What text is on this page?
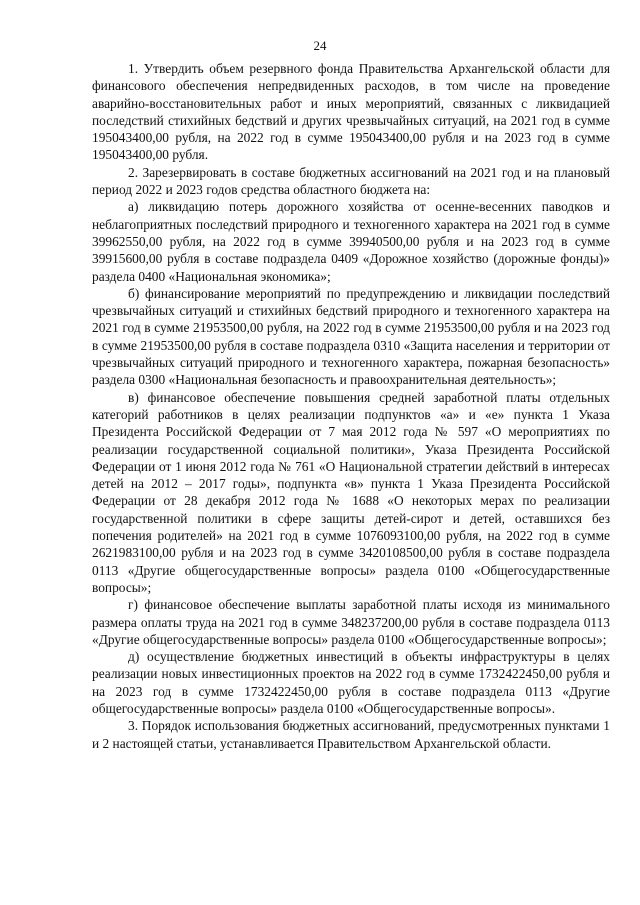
24

1. Утвердить объем резервного фонда Правительства Архангельской области для финансового обеспечения непредвиденных расходов, в том числе на проведение аварийно-восстановительных работ и иных мероприятий, связанных с ликвидацией последствий стихийных бедствий и других чрезвычайных ситуаций, на 2021 год в сумме 195043400,00 рубля, на 2022 год в сумме 195043400,00 рубля и на 2023 год в сумме 195043400,00 рубля.

2. Зарезервировать в составе бюджетных ассигнований на 2021 год и на плановый период 2022 и 2023 годов средства областного бюджета на:

а) ликвидацию потерь дорожного хозяйства от осенне-весенних паводков и неблагоприятных последствий природного и техногенного характера на 2021 год в сумме 39962550,00 рубля, на 2022 год в сумме 39940500,00 рубля и на 2023 год в сумме 39915600,00 рубля в составе подраздела 0409 «Дорожное хозяйство (дорожные фонды)» раздела 0400 «Национальная экономика»;

б) финансирование мероприятий по предупреждению и ликвидации последствий чрезвычайных ситуаций и стихийных бедствий природного и техногенного характера на 2021 год в сумме 21953500,00 рубля, на 2022 год в сумме 21953500,00 рубля и на 2023 год в сумме 21953500,00 рубля в составе подраздела 0310 «Защита населения и территории от чрезвычайных ситуаций природного и техногенного характера, пожарная безопасность» раздела 0300 «Национальная безопасность и правоохранительная деятельность»;

в) финансовое обеспечение повышения средней заработной платы отдельных категорий работников в целях реализации подпунктов «а» и «е» пункта 1 Указа Президента Российской Федерации от 7 мая 2012 года № 597 «О мероприятиях по реализации государственной социальной политики», Указа Президента Российской Федерации от 1 июня 2012 года № 761 «О Национальной стратегии действий в интересах детей на 2012 – 2017 годы», подпункта «в» пункта 1 Указа Президента Российской Федерации от 28 декабря 2012 года № 1688 «О некоторых мерах по реализации государственной политики в сфере защиты детей-сирот и детей, оставшихся без попечения родителей» на 2021 год в сумме 1076093100,00 рубля, на 2022 год в сумме 2621983100,00 рубля и на 2023 год в сумме 3420108500,00 рубля в составе подраздела 0113 «Другие общегосударственные вопросы» раздела 0100 «Общегосударственные вопросы»;

г) финансовое обеспечение выплаты заработной платы исходя из минимального размера оплаты труда на 2021 год в сумме 348237200,00 рубля в составе подраздела 0113 «Другие общегосударственные вопросы» раздела 0100 «Общегосударственные вопросы»;

д) осуществление бюджетных инвестиций в объекты инфраструктуры в целях реализации новых инвестиционных проектов на 2022 год в сумме 1732422450,00 рубля и на 2023 год в сумме 1732422450,00 рубля в составе подраздела 0113 «Другие общегосударственные вопросы» раздела 0100 «Общегосударственные вопросы».

3. Порядок использования бюджетных ассигнований, предусмотренных пунктами 1 и 2 настоящей статьи, устанавливается Правительством Архангельской области.
